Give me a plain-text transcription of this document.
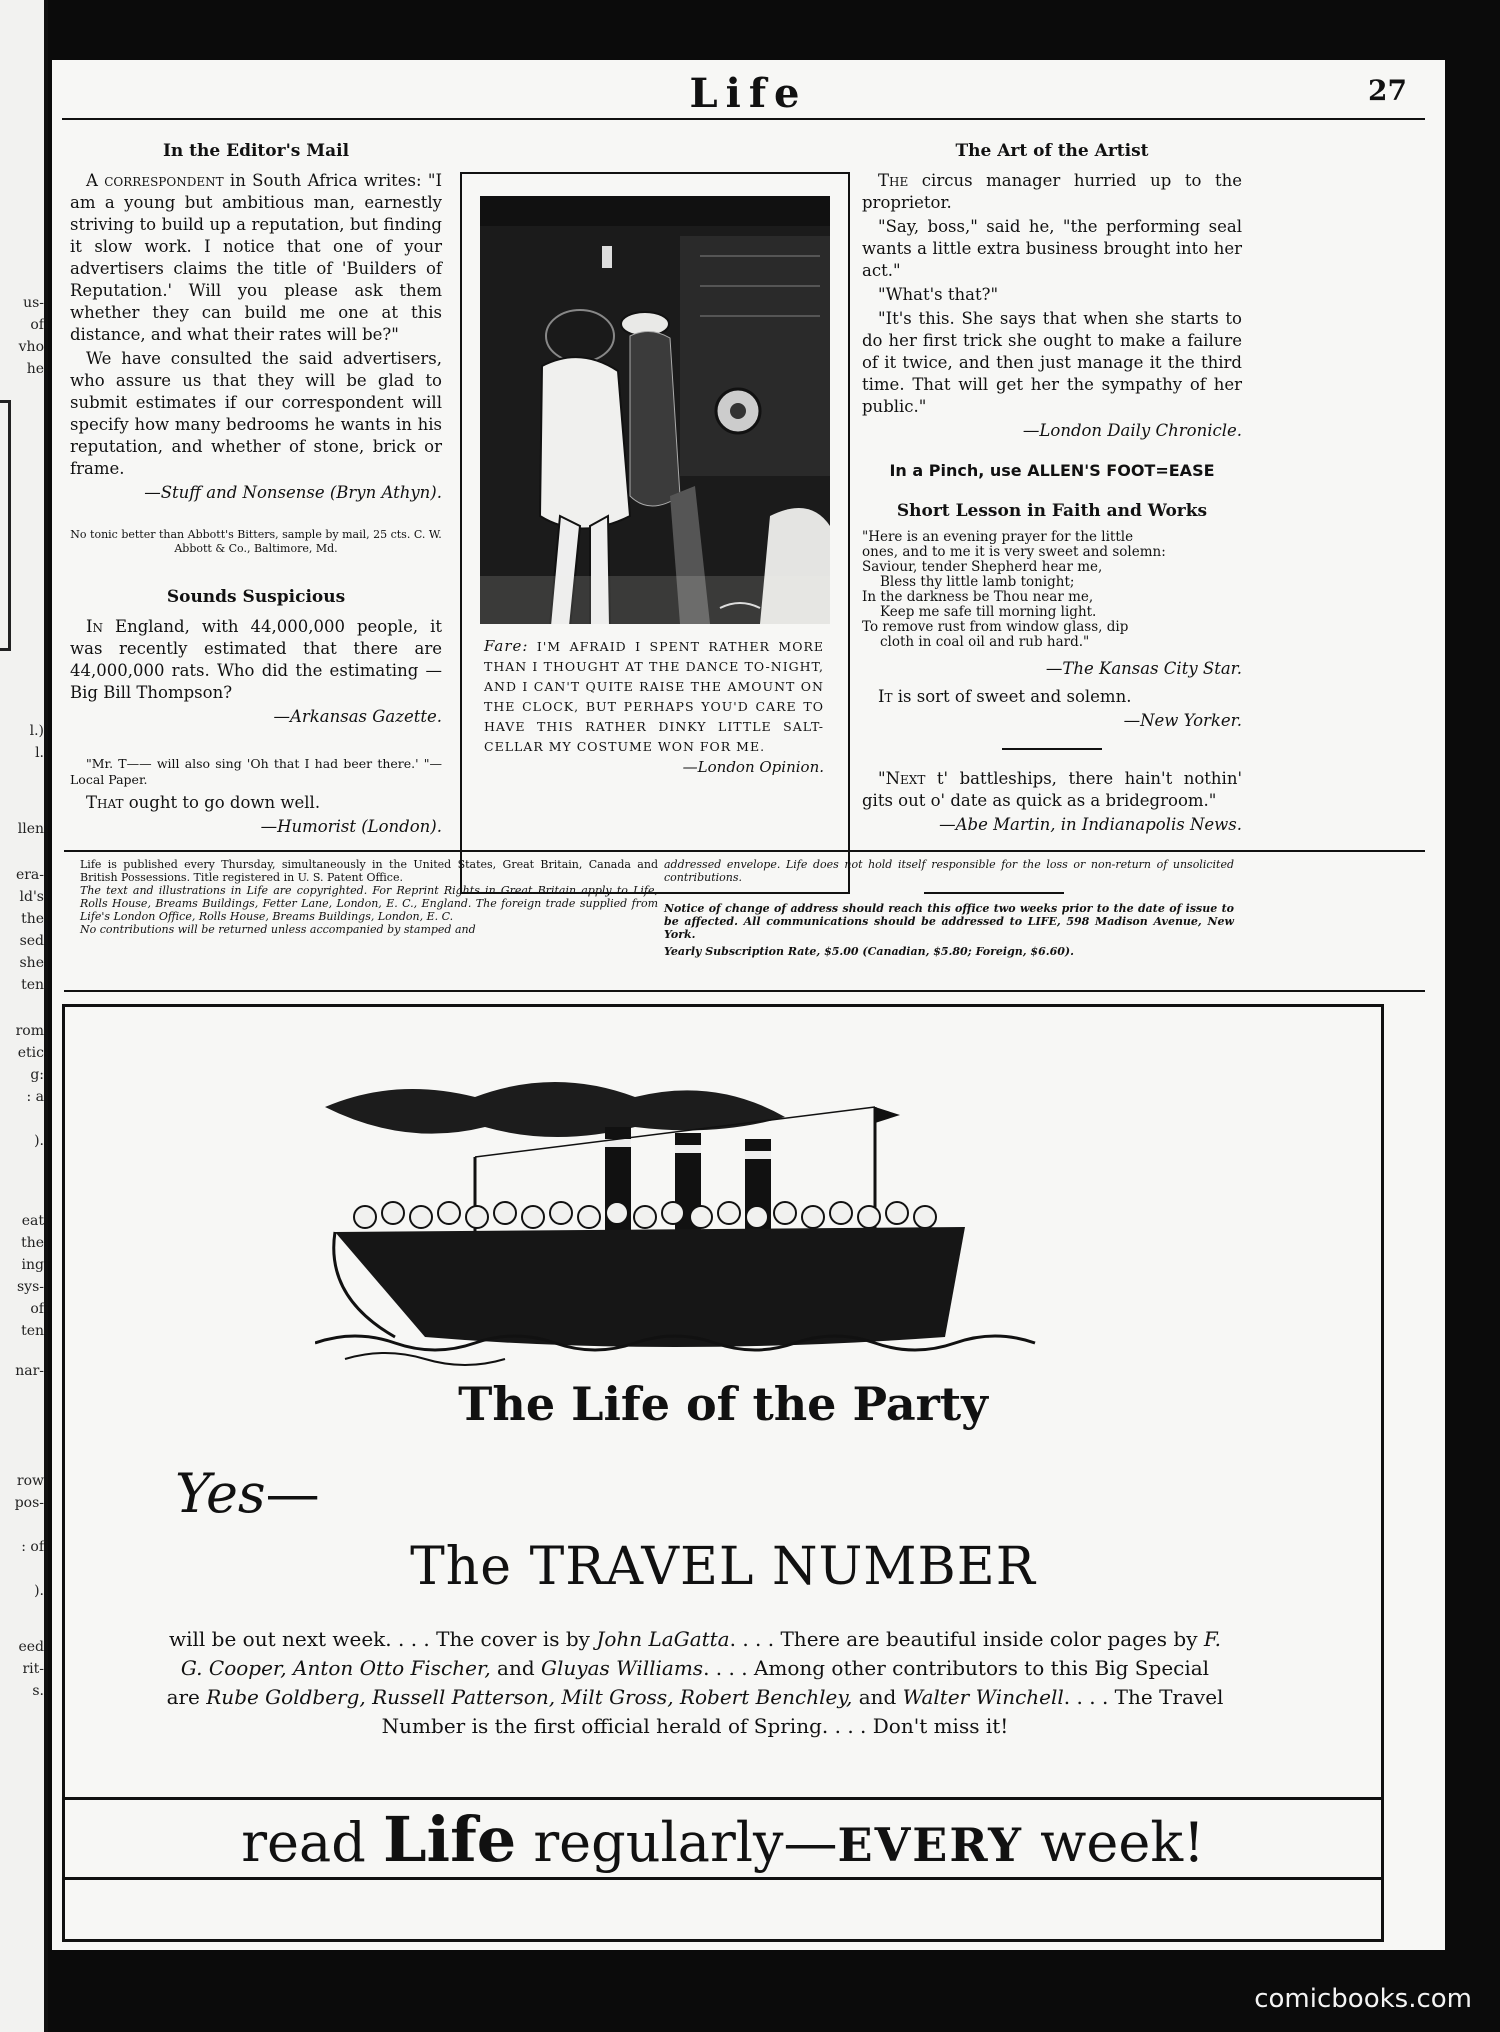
us-
of
vho
he
l.)
l.
llen
era-
ld's
the
sed
she
ten
rom
etic
g:
: a
).
eat
the
ing
sys-
of
ten
nar-
row
pos-
: of
).
eed
rit-
s.
Life	27
In the Editor's Mail

A correspondent in South Africa writes: "I am a young but ambitious man, earnestly striving to build up a reputation, but finding it slow work. I notice that one of your advertisers claims the title of 'Builders of Reputation.' Will you please ask them whether they can build me one at this distance, and what their rates will be?"

We have consulted the said advertisers, who assure us that they will be glad to submit estimates if our correspondent will specify how many bedrooms he wants in his reputation, and whether of stone, brick or frame.

—Stuff and Nonsense (Bryn Athyn).

No tonic better than Abbott's Bitters, sample by mail, 25 cts. C. W. Abbott & Co., Baltimore, Md.

Sounds Suspicious

In England, with 44,000,000 people, it was recently estimated that there are 44,000,000 rats. Who did the estimating —Big Bill Thompson?

—Arkansas Gazette.

"Mr. T—— will also sing 'Oh that I had beer there.' "—Local Paper.

That ought to go down well.

—Humorist (London).

Fare: I'M AFRAID I SPENT RATHER MORE THAN I THOUGHT AT THE DANCE TO-NIGHT, AND I CAN'T QUITE RAISE THE AMOUNT ON THE CLOCK, BUT PERHAPS YOU'D CARE TO HAVE THIS RATHER DINKY LITTLE SALT-CELLAR MY COSTUME WON FOR ME.
—London Opinion.
The Art of the Artist

The circus manager hurried up to the proprietor.

"Say, boss," said he, "the performing seal wants a little extra business brought into her act."

"What's that?"

"It's this. She says that when she starts to do her first trick she ought to make a failure of it twice, and then just manage it the third time. That will get her the sympathy of her public."

—London Daily Chronicle.

In a Pinch, use ALLEN'S FOOT=EASE

Short Lesson in Faith and Works
"Here is an evening prayer for the little
ones, and to me it is very sweet and solemn:
Saviour, tender Shepherd hear me,
Bless thy little lamb tonight;
In the darkness be Thou near me,
Keep me safe till morning light.
To remove rust from window glass, dip
cloth in coal oil and rub hard."

—The Kansas City Star.

It is sort of sweet and solemn.

—New Yorker.

"Next t' battleships, there hain't nothin' gits out o' date as quick as a bridegroom."

—Abe Martin, in Indianapolis News.

Life is published every Thursday, simultaneously in the United States, Great Britain, Canada and British Possessions. Title registered in U. S. Patent Office.
The text and illustrations in Life are copyrighted. For Reprint Rights in Great Britain apply to Life, Rolls House, Breams Buildings, Fetter Lane, London, E. C., England. The foreign trade supplied from Life's London Office, Rolls House, Breams Buildings, London, E. C.
No contributions will be returned unless accompanied by stamped and
addressed envelope. Life does not hold itself responsible for the loss or non-return of unsolicited contributions.
Notice of change of address should reach this office two weeks prior to the date of issue to be affected. All communications should be addressed to LIFE, 598 Madison Avenue, New York.
Yearly Subscription Rate, $5.00 (Canadian, $5.80; Foreign, $6.60).
The Life of the Party
Yes—
The TRAVEL NUMBER
will be out next week. . . . The cover is by John LaGatta. . . . There are beautiful inside color pages by F. G. Cooper, Anton Otto Fischer, and Gluyas Williams. . . . Among other contributors to this Big Special are Rube Goldberg, Russell Patterson, Milt Gross, Robert Benchley, and Walter Winchell. . . . The Travel Number is the first official herald of Spring. . . . Don't miss it!
read Life regularly—EVERY week!
comicbooks.com
